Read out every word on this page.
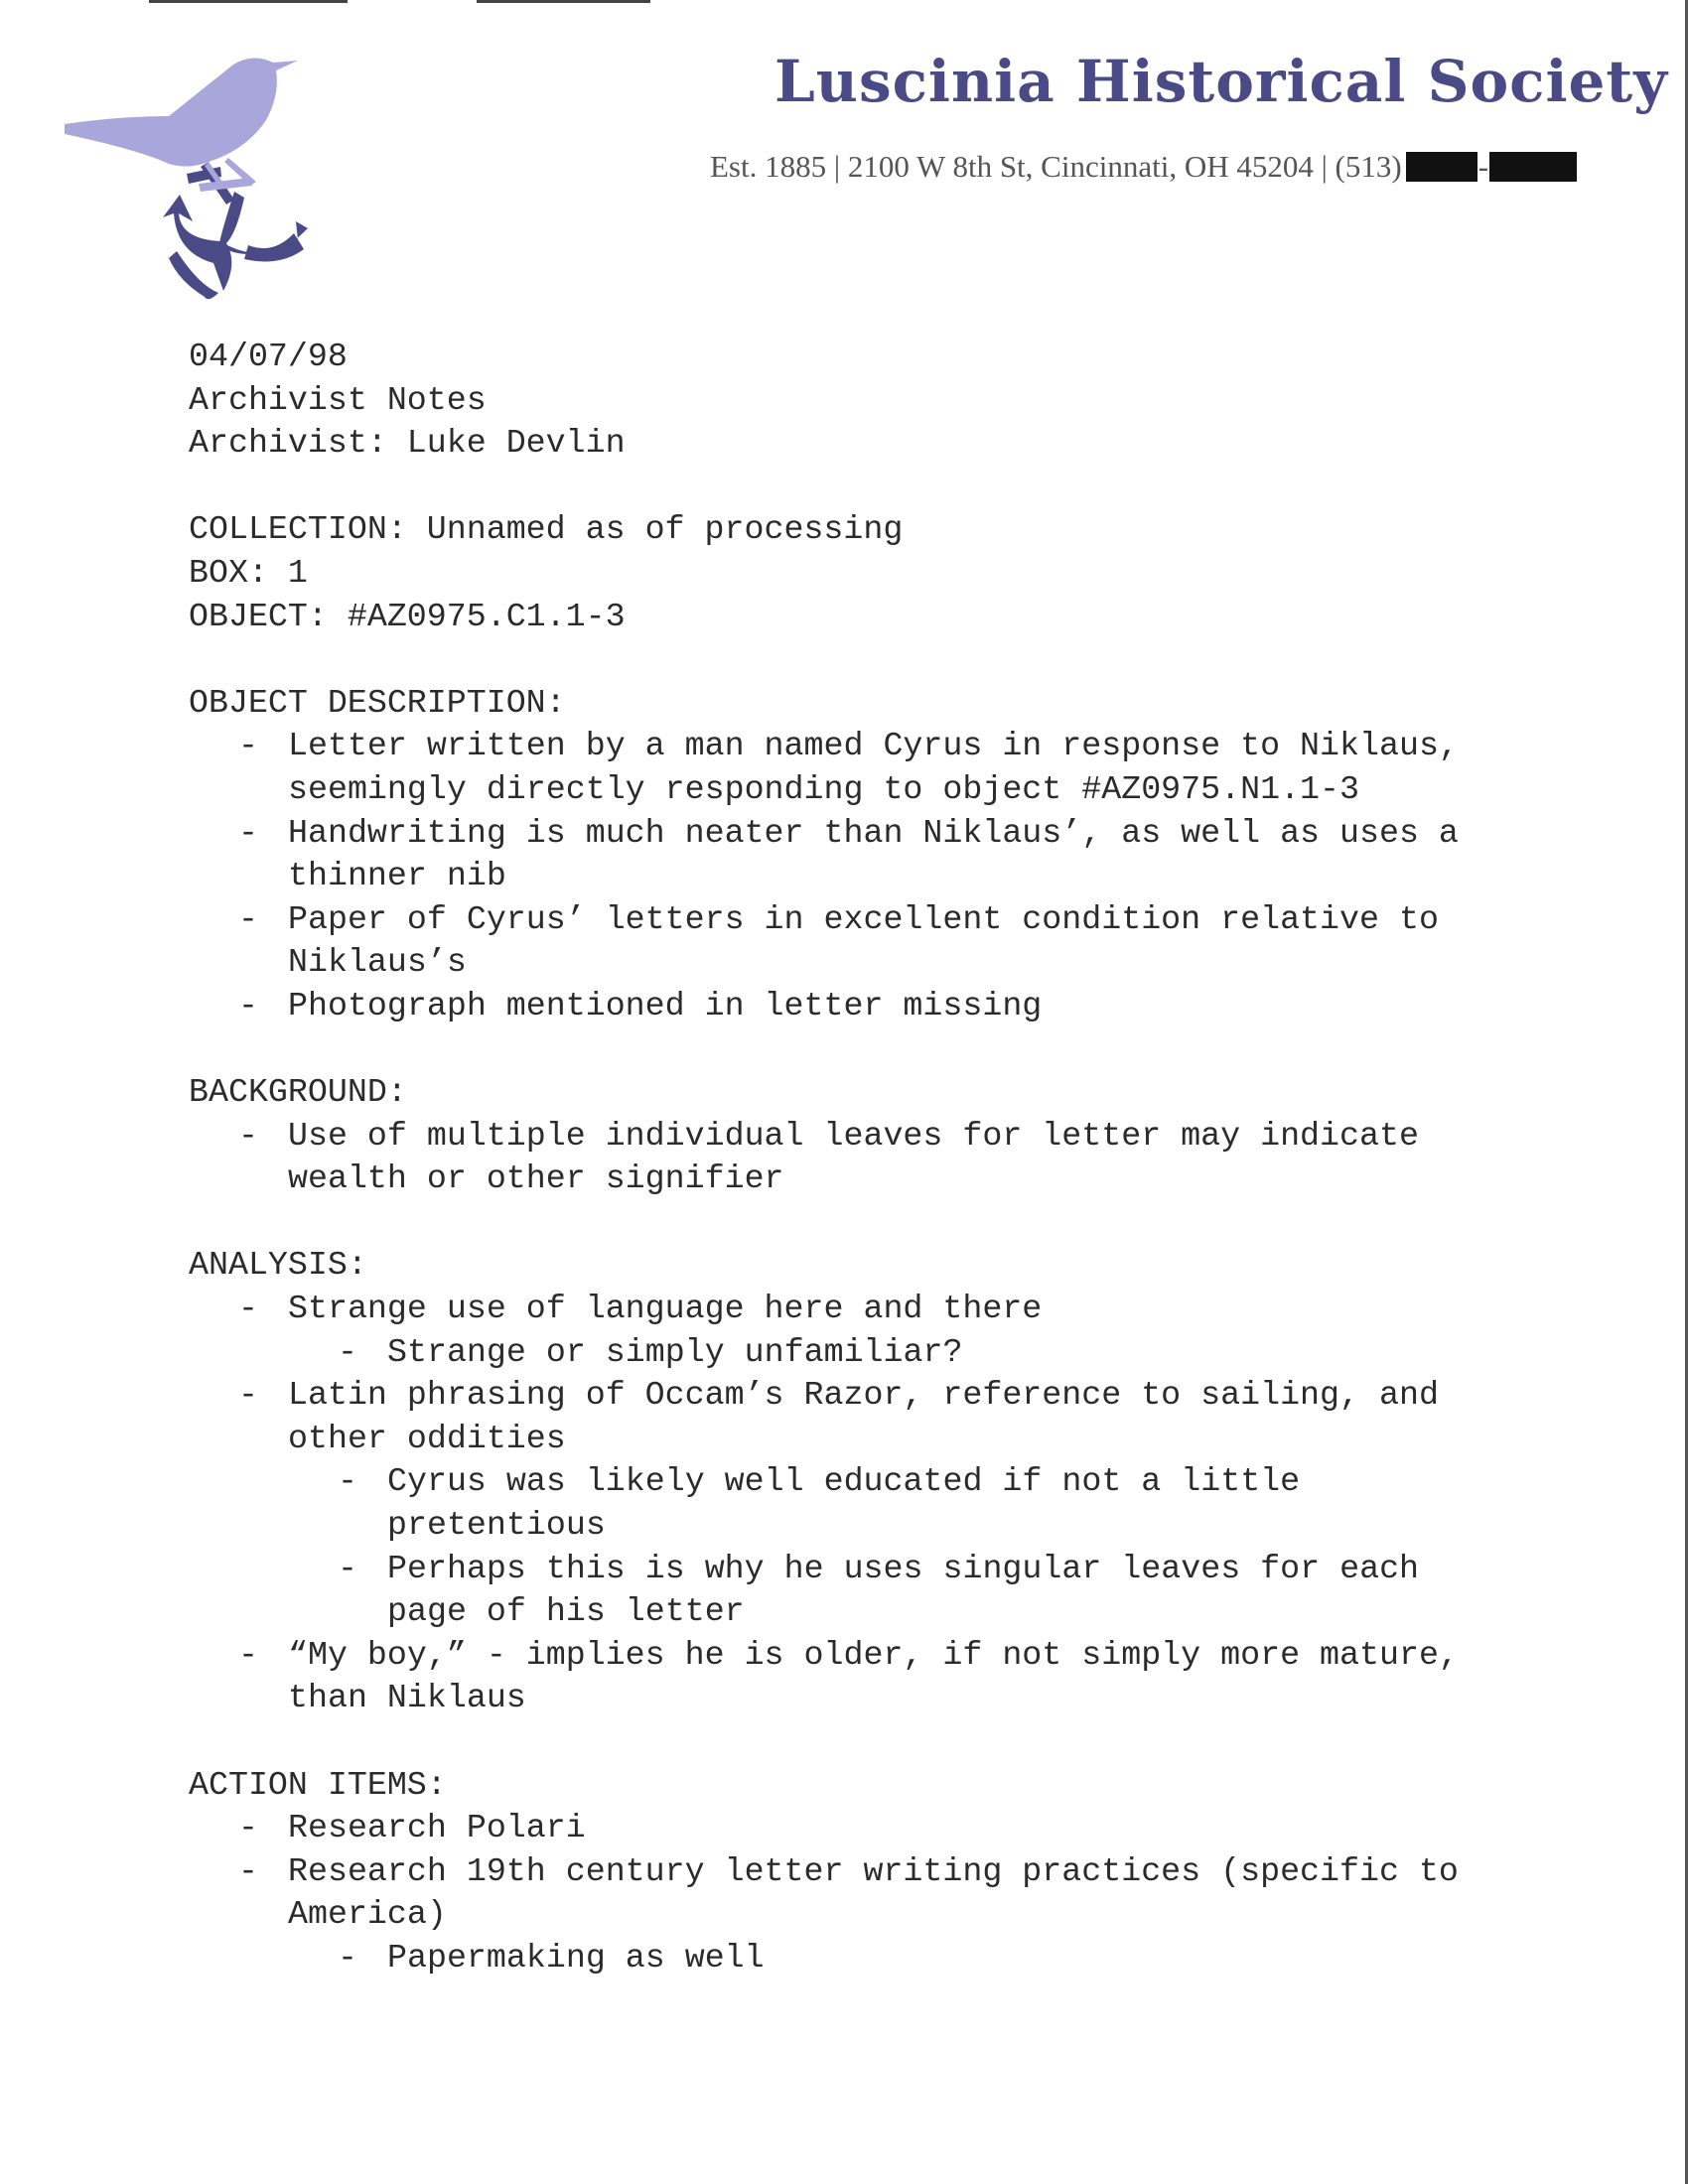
Luscinia Historical Society
Est. 1885 | 2100 W 8th St, Cincinnati, OH 45204 | (513) -
04/07/98
Archivist Notes
Archivist: Luke Devlin
COLLECTION: Unnamed as of processing
BOX: 1
OBJECT: #AZ0975.C1.1-3
OBJECT DESCRIPTION:
- Letter written by a man named Cyrus in response to Niklaus,
seemingly directly responding to object #AZ0975.N1.1-3
- Handwriting is much neater than Niklaus’, as well as uses a
thinner nib
- Paper of Cyrus’ letters in excellent condition relative to
Niklaus’s
- Photograph mentioned in letter missing
BACKGROUND:
- Use of multiple individual leaves for letter may indicate
wealth or other signifier
ANALYSIS:
- Strange use of language here and there
- Strange or simply unfamiliar?
- Latin phrasing of Occam’s Razor, reference to sailing, and
other oddities
- Cyrus was likely well educated if not a little
pretentious
- Perhaps this is why he uses singular leaves for each
page of his letter
- “My boy,” - implies he is older, if not simply more mature,
than Niklaus
ACTION ITEMS:
- Research Polari
- Research 19th century letter writing practices (specific to
America)
- Papermaking as well
